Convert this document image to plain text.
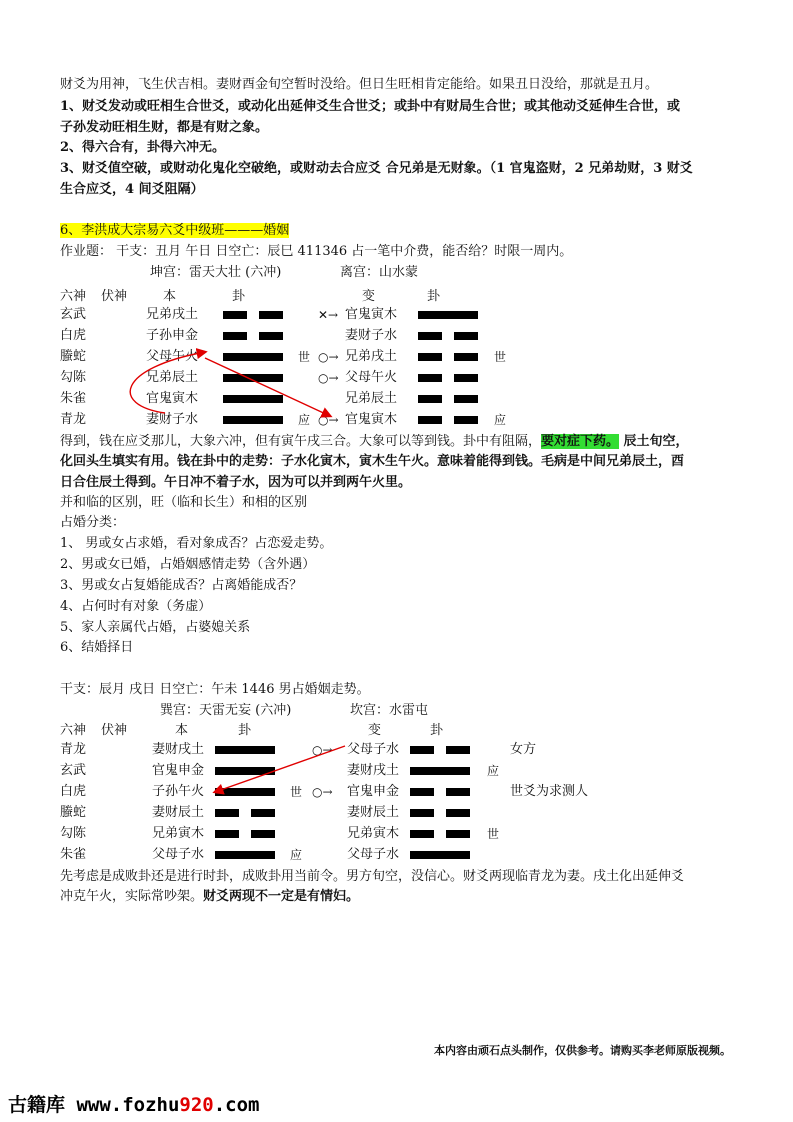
财爻为用神，飞生伏吉相。妻财酉金旬空暂时没给。但日生旺相肯定能给。如果丑日没给，那就是丑月。
1、财爻发动或旺相生合世爻，或动化出延伸爻生合世爻；或卦中有财局生合世；或其他动爻延伸生合世，或
子孙发动旺相生财，都是有财之象。
2、得六合有，卦得六冲无。
3、财爻值空破，或财动化鬼化空破绝，或财动去合应爻 合兄弟是无财象。（1 官鬼盗财，2 兄弟劫财，3 财爻
生合应爻，4 间爻阻隔）
6、李洪成大宗易六爻中级班———婚姻
作业题： 干支：丑月 午日 日空亡：辰巳 411346 占一笔中介费，能否给？时限一周内。
坤宫：雷天大壮 (六冲)	离宫：山水蒙
六神 伏神	本	卦	变	卦
玄武	兄弟戌土	✕→ 官鬼寅木
白虎	子孙申金	妻财子水
螣蛇	父母午火	世 ○→ 兄弟戌土	世
勾陈	兄弟辰土	○→ 父母午火
朱雀	官鬼寅木	兄弟辰土
青龙	妻财子水	应 ○→ 官鬼寅木	应
得到，钱在应爻那儿，大象六冲，但有寅午戌三合。大象可以等到钱。卦中有阻隔，要对症下药。 辰土旬空，
化回头生填实有用。钱在卦中的走势：子水化寅木，寅木生午火。意味着能得到钱。毛病是中间兄弟辰土，酉
日合住辰土得到。午日冲不着子水，因为可以并到两午火里。
并和临的区别，旺（临和长生）和相的区别
占婚分类：
1、 男或女占求婚，看对象成否？占恋爱走势。
2、男或女已婚，占婚姻感情走势（含外遇）
3、男或女占复婚能成否？占离婚能成否？
4、占何时有对象（务虚）
5、家人亲属代占婚，占婆媳关系
6、结婚择日
干支：辰月 戌日 日空亡：午未 1446 男占婚姻走势。
巽宫：天雷无妄 (六冲)	坎宫：水雷屯
六神 伏神	本	卦	变	卦
青龙	妻财戌土	○→ 父母子水	女方
玄武	官鬼申金	妻财戌土	应
白虎	子孙午火	世 ○→ 官鬼申金	世爻为求测人
螣蛇	妻财辰土	妻财辰土
勾陈	兄弟寅木	兄弟寅木	世
朱雀	父母子水	应	父母子水
先考虑是成败卦还是进行时卦，成败卦用当前令。男方旬空，没信心。财爻两现临青龙为妻。戌土化出延伸爻
冲克午火，实际常吵架。财爻两现不一定是有情妇。
本内容由顽石点头制作，仅供参考。请购买李老师原版视频。
古籍库 www.fozhu920.com
